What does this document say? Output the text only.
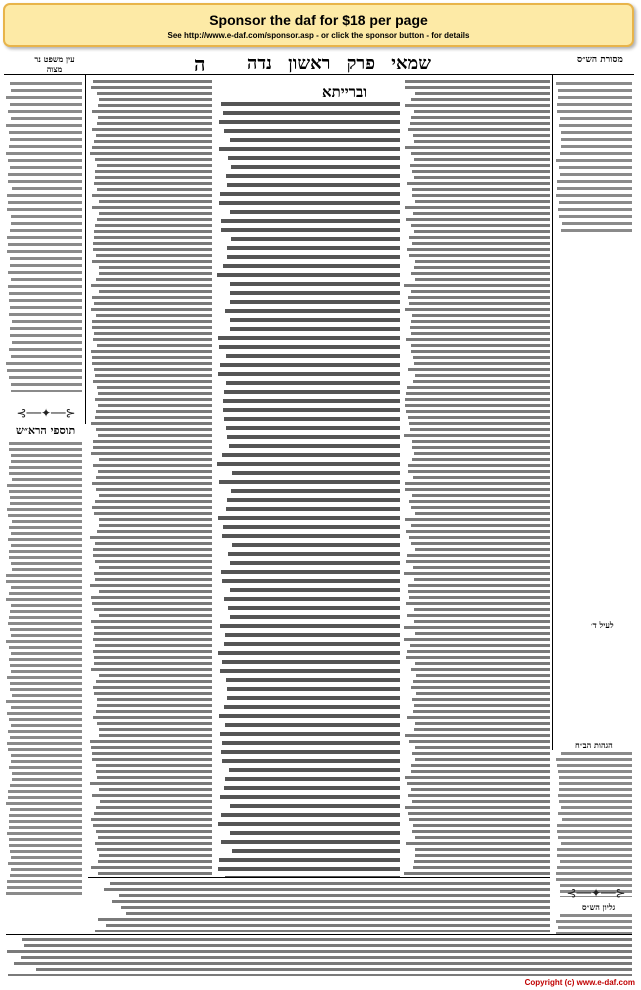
Sponsor the daf for $18 per page
See http://www.e-daf.com/sponsor.asp - or click the sponsor button - for details
שמאי פרק ראשון נדה
ה	מסורת הש״ס
עין משפט נר מצוה
⊰──✦──⊱
תוספי הרא״ש
וברייתא
לעיל ד׳
הגהות הב״ח
⊰──✦──⊱
גליון הש״ס
Copyright (c) www.e-daf.com
